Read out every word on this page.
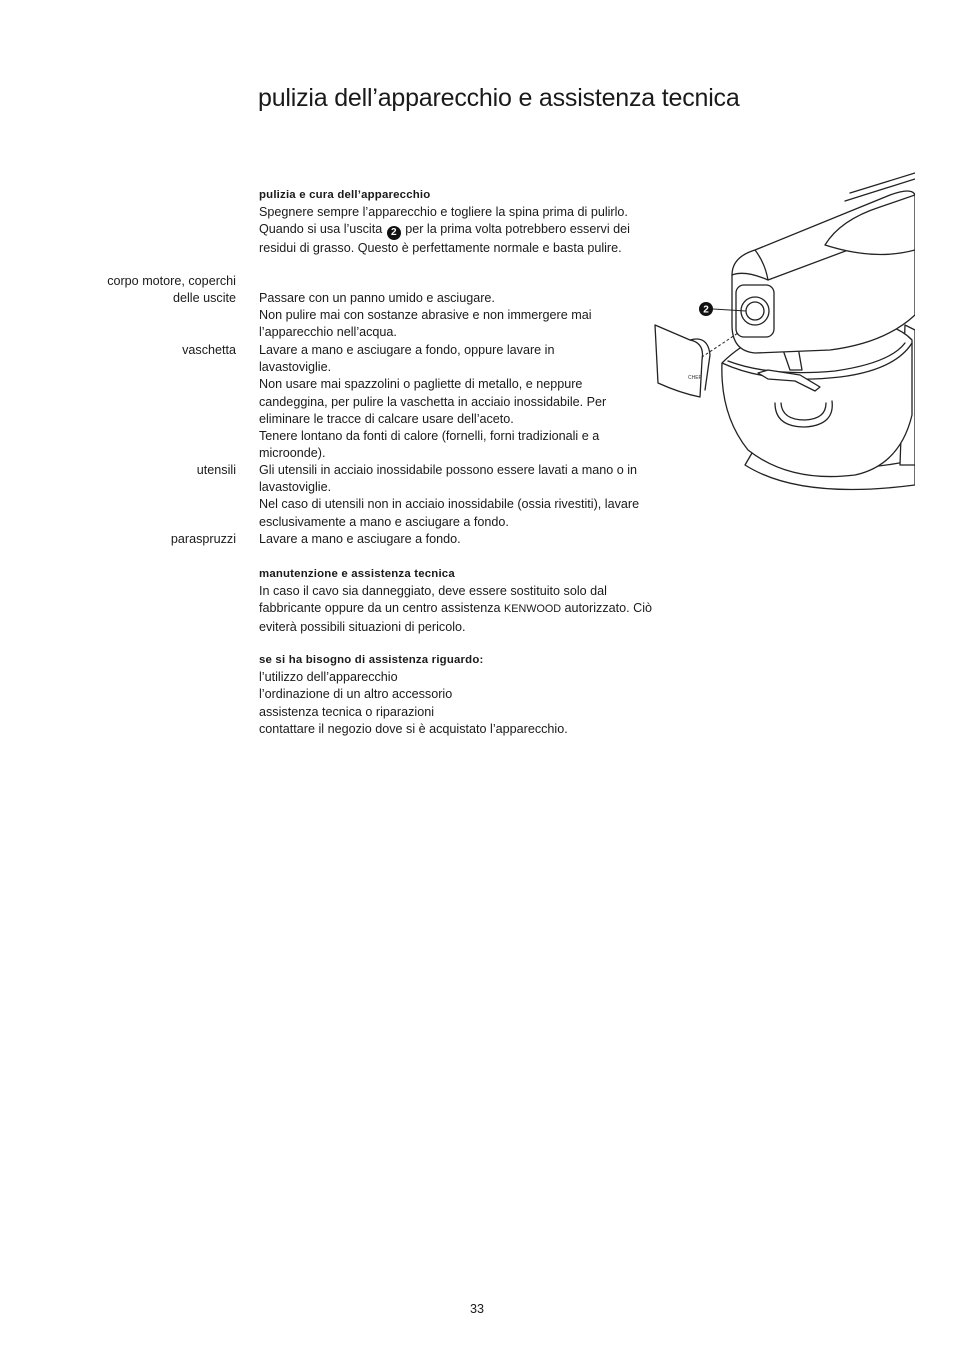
pulizia dell’apparecchio e assistenza tecnica
pulizia e cura dell’apparecchio
Spegnere sempre l’apparecchio e togliere la spina prima di pulirlo.
Quando si usa l’uscita 2 per la prima volta potrebbero esservi dei
residui di grasso. Questo è perfettamente normale e basta pulire.
corpo motore, coperchi
delle uscite
vaschetta
utensili
paraspruzzi
Passare con un panno umido e asciugare.
Non pulire mai con sostanze abrasive e non immergere mai
l’apparecchio nell’acqua.
Lavare a mano e asciugare a fondo, oppure lavare in
lavastoviglie.
Non usare mai spazzolini o pagliette di metallo, e neppure
candeggina, per pulire la vaschetta in acciaio inossidabile. Per
eliminare le tracce di calcare usare dell’aceto.
Tenere lontano da fonti di calore (fornelli, forni tradizionali e a
microonde).
Gli utensili in acciaio inossidabile possono essere lavati a mano o in
lavastoviglie.
Nel caso di utensili non in acciaio inossidabile (ossia rivestiti), lavare
esclusivamente a mano e asciugare a fondo.
Lavare a mano e asciugare a fondo.
manutenzione e assistenza tecnica
In caso il cavo sia danneggiato, deve essere sostituito solo dal
fabbricante oppure da un centro assistenza KENWOOD autorizzato. Ciò
eviterà possibili situazioni di pericolo.
se si ha bisogno di assistenza riguardo:
l’utilizzo dell’apparecchio
l’ordinazione di un altro accessorio
assistenza tecnica o riparazioni
contattare il negozio dove si è acquistato l’apparecchio.
CHEF
2
33
